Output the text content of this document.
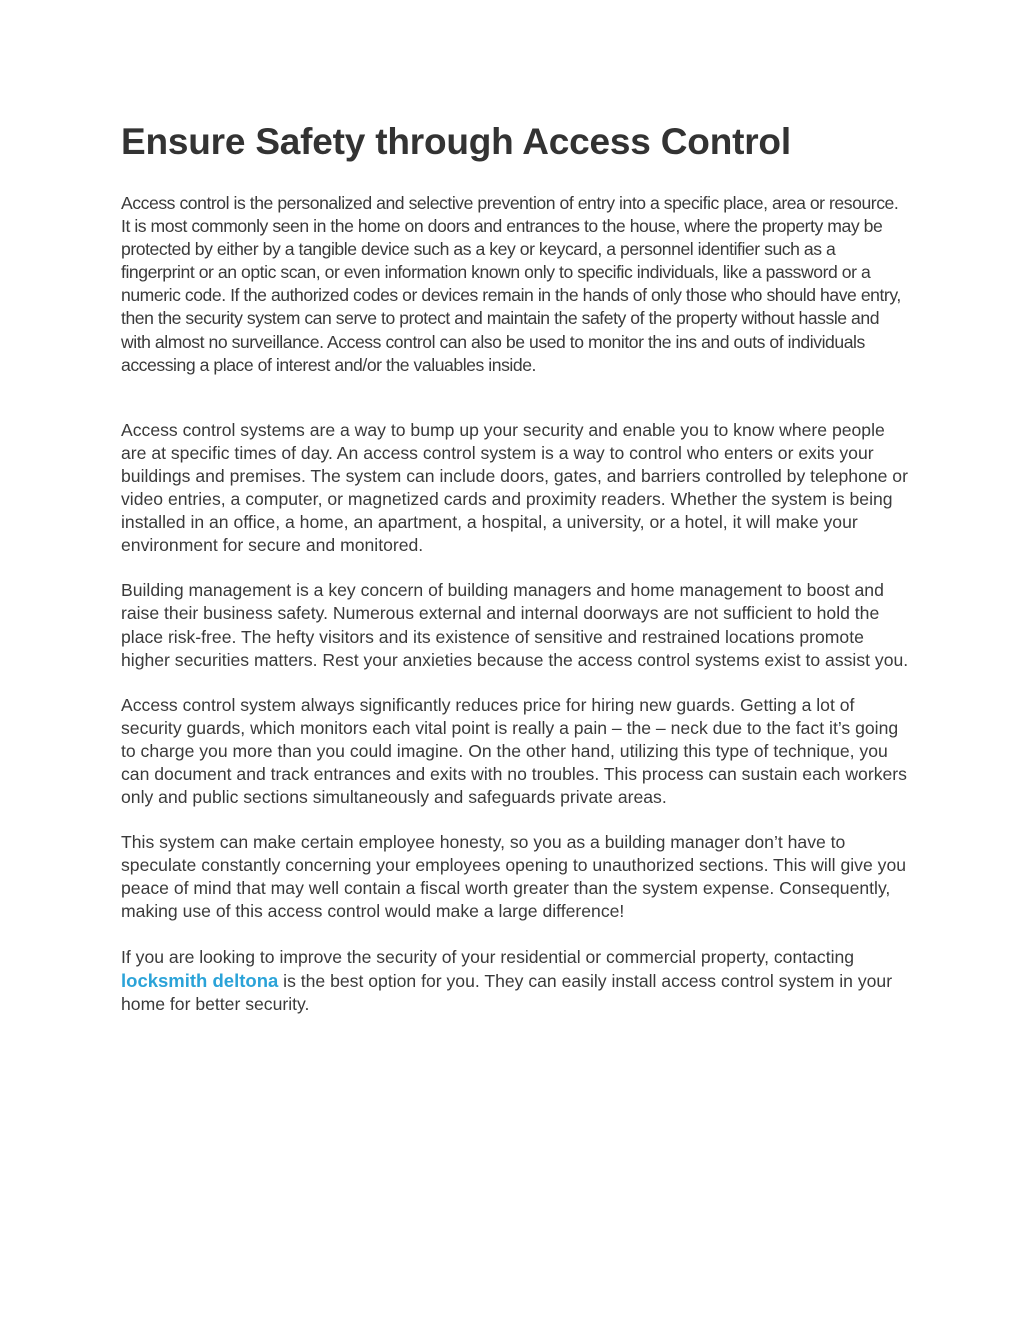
Ensure Safety through Access Control

Access control is the personalized and selective prevention of entry into a specific place, area or resource. It is most commonly seen in the home on doors and entrances to the house, where the property may be protected by either by a tangible device such as a key or keycard, a personnel identifier such as a fingerprint or an optic scan, or even information known only to specific individuals, like a password or a numeric code. If the authorized codes or devices remain in the hands of only those who should have entry, then the security system can serve to protect and maintain the safety of the property without hassle and with almost no surveillance. Access control can also be used to monitor the ins and outs of individuals accessing a place of interest and/or the valuables inside.

Access control systems are a way to bump up your security and enable you to know where people are at specific times of day. An access control system is a way to control who enters or exits your buildings and premises. The system can include doors, gates, and barriers controlled by telephone or video entries, a computer, or magnetized cards and proximity readers. Whether the system is being installed in an office, a home, an apartment, a hospital, a university, or a hotel, it will make your environment for secure and monitored.

Building management is a key concern of building managers and home management to boost and raise their business safety. Numerous external and internal doorways are not sufficient to hold the place risk-free. The hefty visitors and its existence of sensitive and restrained locations promote higher securities matters. Rest your anxieties because the access control systems exist to assist you.

Access control system always significantly reduces price for hiring new guards. Getting a lot of security guards, which monitors each vital point is really a pain – the – neck due to the fact it’s going to charge you more than you could imagine. On the other hand, utilizing this type of technique, you can document and track entrances and exits with no troubles. This process can sustain each workers only and public sections simultaneously and safeguards private areas.

This system can make certain employee honesty, so you as a building manager don’t have to speculate constantly concerning your employees opening to unauthorized sections. This will give you peace of mind that may well contain a fiscal worth greater than the system expense. Consequently, making use of this access control would make a large difference!

If you are looking to improve the security of your residential or commercial property, contacting locksmith deltona is the best option for you. They can easily install access control system in your home for better security.
